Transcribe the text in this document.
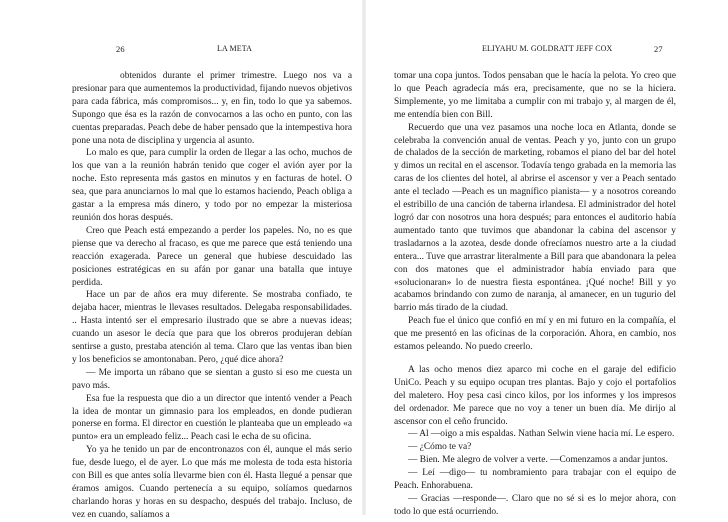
26	LA META

obtenidos durante el primer trimestre. Luego nos va a presionar para que aumentemos la productividad, fijando nuevos objetivos para cada fábrica, más compromisos... y, en fin, todo lo que ya sabemos. Supongo que ésa es la razón de convocarnos a las ocho en punto, con las cuentas preparadas. Peach debe de haber pensado que la intempestiva hora pone una nota de disciplina y urgencia al asunto.

Lo malo es que, para cumplir la orden de llegar a las ocho, muchos de los que van a la reunión habrán tenido que coger el avión ayer por la noche. Esto representa más gastos en minutos y en facturas de hotel. O sea, que para anunciarnos lo mal que lo estamos haciendo, Peach obliga a gastar a la empresa más dinero, y todo por no empezar la misteriosa reunión dos horas después.

Creo que Peach está empezando a perder los papeles. No, no es que piense que va derecho al fracaso, es que me parece que está teniendo una reacción exagerada. Parece un general que hubiese descuidado las posiciones estratégicas en su afán por ganar una batalla que intuye perdida.

Hace un par de años era muy diferente. Se mostraba confiado, te dejaba hacer, mientras le llevases resultados. Delegaba responsabilidades. .. Hasta intentó ser el empresario ilustrado que se abre a nuevas ideas; cuando un asesor le decía que para que los obreros produjeran debían sentirse a gusto, prestaba atención al tema. Claro que las ventas iban bien y los beneficios se amontonaban. Pero, ¿qué dice ahora?

— Me importa un rábano que se sientan a gusto si eso me cuesta un pavo más.

Esa fue la respuesta que dio a un director que intentó vender a Peach la idea de montar un gimnasio para los empleados, en donde pudieran ponerse en forma. El director en cuestión le planteaba que un empleado «a punto» era un empleado feliz... Peach casi le echa de su oficina.

Yo ya he tenido un par de encontronazos con él, aunque el más serio fue, desde luego, el de ayer. Lo que más me molesta de toda esta historia con Bill es que antes solía llevarme bien con él. Hasta llegué a pensar que éramos amigos. Cuando pertenecía a su equipo, solíamos quedarnos charlando horas y horas en su despacho, después del trabajo. Incluso, de vez en cuando, salíamos a

ELIYAHU M. GOLDRATT JEFF COX	27

tomar una copa juntos. Todos pensaban que le hacía la pelota. Yo creo que lo que Peach agradecía más era, precisamente, que no se la hiciera. Simplemente, yo me limitaba a cumplir con mi trabajo y, al margen de él, me entendía bien con Bill.

Recuerdo que una vez pasamos una noche loca en Atlanta, donde se celebraba la convención anual de ventas. Peach y yo, junto con un grupo de chalados de la sección de marketing, robamos el piano del bar del hotel y dimos un recital en el ascensor. Todavía tengo grabada en la memoria las caras de los clientes del hotel, al abrirse el ascensor y ver a Peach sentado ante el teclado —Peach es un magnífico pianista— y a nosotros coreando el estribillo de una canción de taberna irlandesa. El administrador del hotel logró dar con nosotros una hora después; para entonces el auditorio había aumentado tanto que tuvimos que abandonar la cabina del ascensor y trasladarnos a la azotea, desde donde ofrecíamos nuestro arte a la ciudad entera... Tuve que arrastrar literalmente a Bill para que abandonara la pelea con dos matones que el administrador había enviado para que «solucionaran» lo de nuestra fiesta espontánea. ¡Qué noche! Bill y yo acabamos brindando con zumo de naranja, al amanecer, en un tugurio del barrio más tirado de la ciudad.

Peach fue el único que confió en mí y en mi futuro en la compañía, el que me presentó en las oficinas de la corporación. Ahora, en cambio, nos estamos peleando. No puedo creerlo.

A las ocho menos diez aparco mi coche en el garaje del edificio UniCo. Peach y su equipo ocupan tres plantas. Bajo y cojo el portafolios del maletero. Hoy pesa casi cinco kilos, por los informes y los impresos del ordenador. Me parece que no voy a tener un buen día. Me dirijo al ascensor con el ceño fruncido.

— Al —oigo a mis espaldas. Nathan Selwin viene hacia mí. Le espero.

— ¿Cómo te va?

— Bien. Me alegro de volver a verte. —Comenzamos a andar juntos.

— Leí —digo— tu nombramiento para trabajar con el equipo de Peach. Enhorabuena.

— Gracias —responde—. Claro que no sé si es lo mejor ahora, con todo lo que está ocurriendo.
